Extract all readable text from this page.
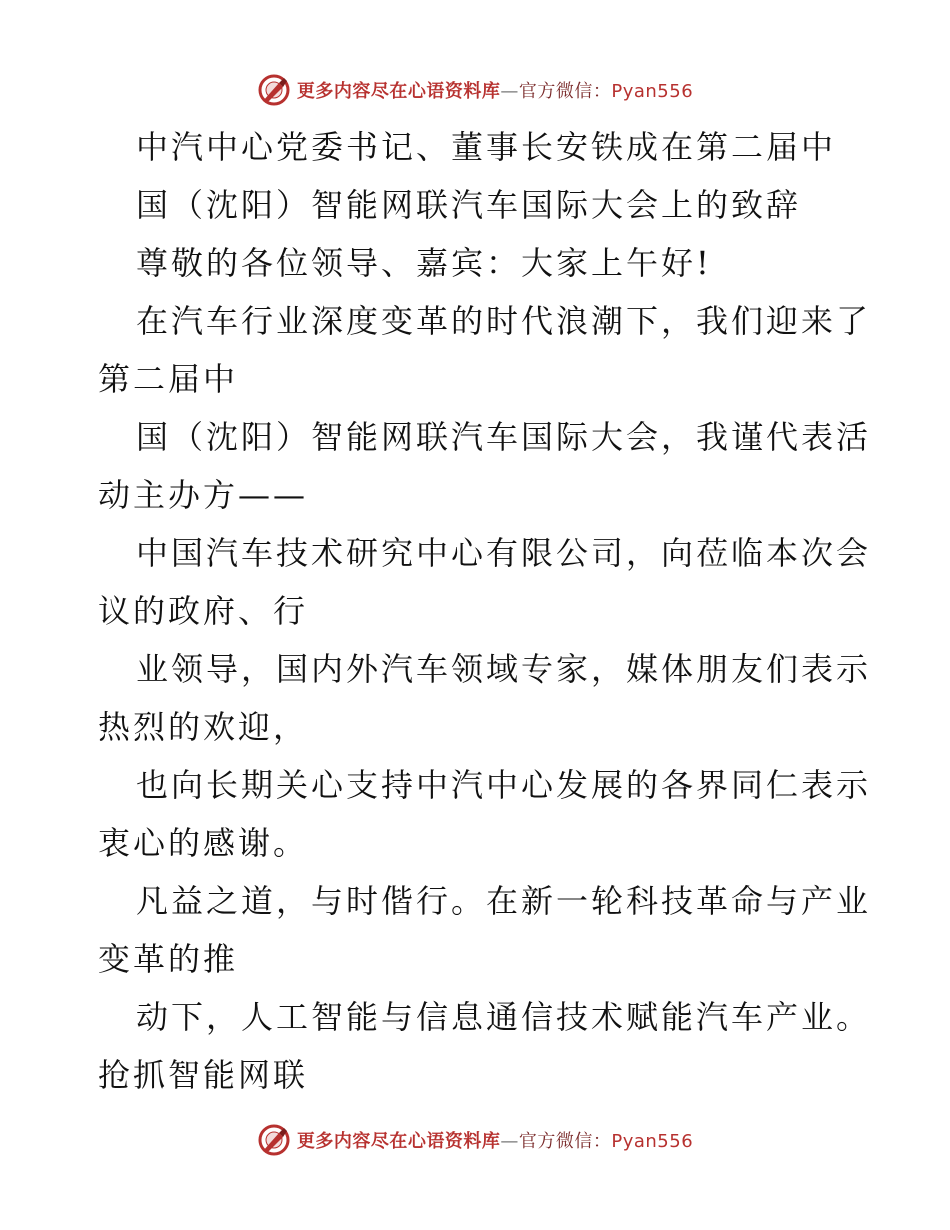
更多内容尽在心语资料库—官方微信：Pyan556
中汽中心党委书记、董事长安铁成在第二届中
国（沈阳）智能网联汽车国际大会上的致辞
尊敬的各位领导、嘉宾：大家上午好!
在汽车行业深度变革的时代浪潮下，我们迎来了
第二届中
国（沈阳）智能网联汽车国际大会，我谨代表活
动主办方——
中国汽车技术研究中心有限公司，向莅临本次会
议的政府、行
业领导，国内外汽车领域专家，媒体朋友们表示
热烈的欢迎，
也向长期关心支持中汽中心发展的各界同仁表示
衷心的感谢。
凡益之道，与时偕行。在新一轮科技革命与产业
变革的推
动下，人工智能与信息通信技术赋能汽车产业。
抢抓智能网联
更多内容尽在心语资料库—官方微信：Pyan556
